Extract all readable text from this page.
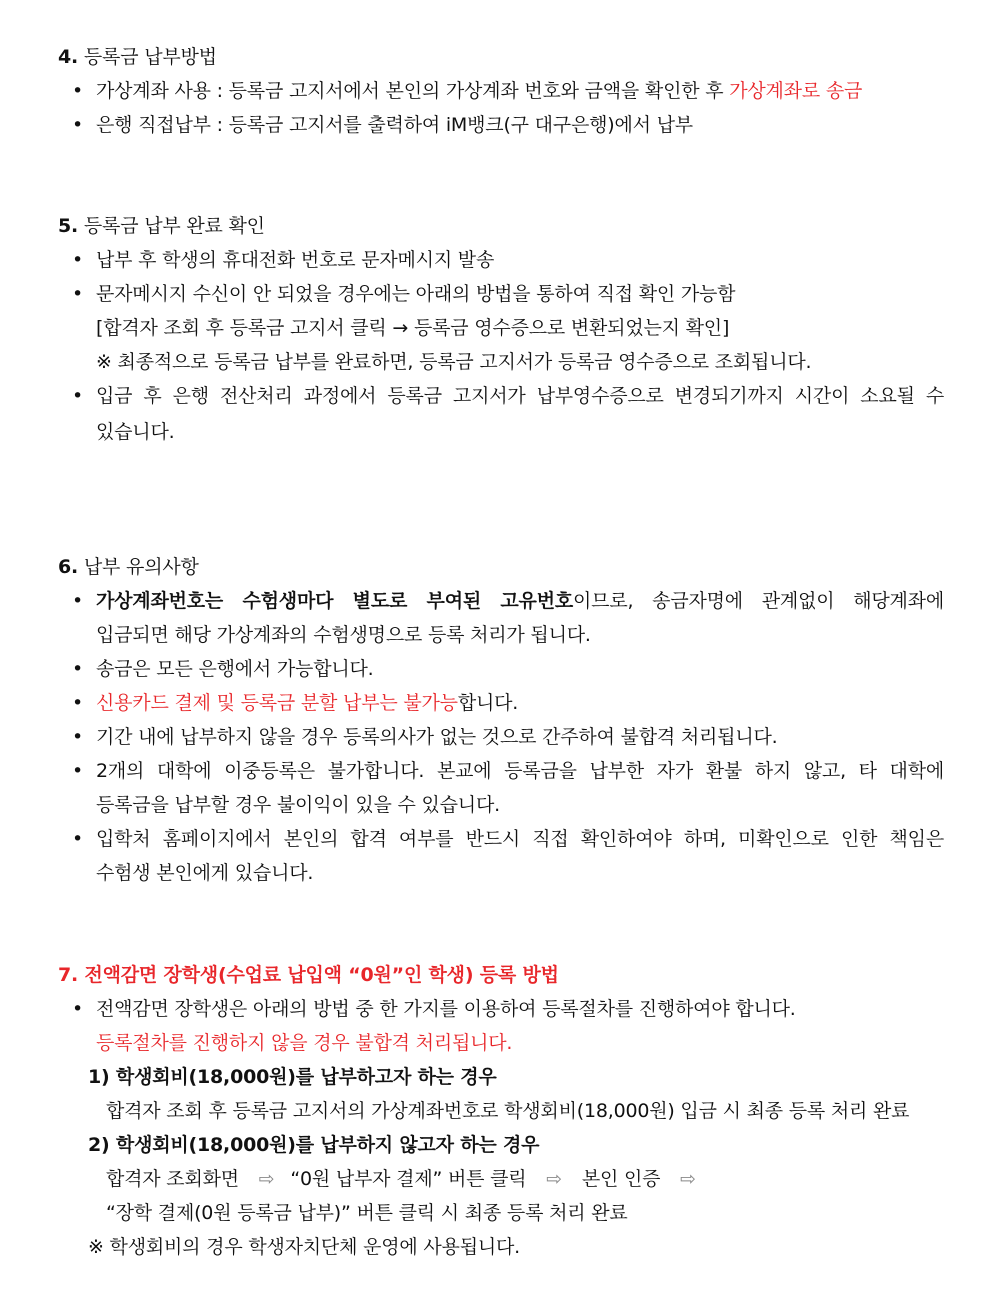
4. 등록금 납부방법
• 가상계좌 사용 : 등록금 고지서에서 본인의 가상계좌 번호와 금액을 확인한 후 가상계좌로 송금
• 은행 직접납부 : 등록금 고지서를 출력하여 iM뱅크(구 대구은행)에서 납부
5. 등록금 납부 완료 확인
• 납부 후 학생의 휴대전화 번호로 문자메시지 발송
• 문자메시지 수신이 안 되었을 경우에는 아래의 방법을 통하여 직접 확인 가능함
[합격자 조회 후 등록금 고지서 클릭 → 등록금 영수증으로 변환되었는지 확인]
※ 최종적으로 등록금 납부를 완료하면, 등록금 고지서가 등록금 영수증으로 조회됩니다.
• 입금 후 은행 전산처리 과정에서 등록금 고지서가 납부영수증으로 변경되기까지 시간이 소요될 수
있습니다.
6. 납부 유의사항
• 가상계좌번호는 수험생마다 별도로 부여된 고유번호이므로, 송금자명에 관계없이 해당계좌에
입금되면 해당 가상계좌의 수험생명으로 등록 처리가 됩니다.
• 송금은 모든 은행에서 가능합니다.
• 신용카드 결제 및 등록금 분할 납부는 불가능합니다.
• 기간 내에 납부하지 않을 경우 등록의사가 없는 것으로 간주하여 불합격 처리됩니다.
• 2개의 대학에 이중등록은 불가합니다. 본교에 등록금을 납부한 자가 환불 하지 않고, 타 대학에
등록금을 납부할 경우 불이익이 있을 수 있습니다.
• 입학처 홈페이지에서 본인의 합격 여부를 반드시 직접 확인하여야 하며, 미확인으로 인한 책임은
수험생 본인에게 있습니다.
7. 전액감면 장학생(수업료 납입액 “0원”인 학생) 등록 방법
• 전액감면 장학생은 아래의 방법 중 한 가지를 이용하여 등록절차를 진행하여야 합니다.
등록절차를 진행하지 않을 경우 불합격 처리됩니다.
1) 학생회비(18,000원)를 납부하고자 하는 경우
합격자 조회 후 등록금 고지서의 가상계좌번호로 학생회비(18,000원) 입금 시 최종 등록 처리 완료
2) 학생회비(18,000원)를 납부하지 않고자 하는 경우
합격자 조회화면 ⇨ “0원 납부자 결제” 버튼 클릭 ⇨ 본인 인증 ⇨
“장학 결제(0원 등록금 납부)” 버튼 클릭 시 최종 등록 처리 완료
※ 학생회비의 경우 학생자치단체 운영에 사용됩니다.
